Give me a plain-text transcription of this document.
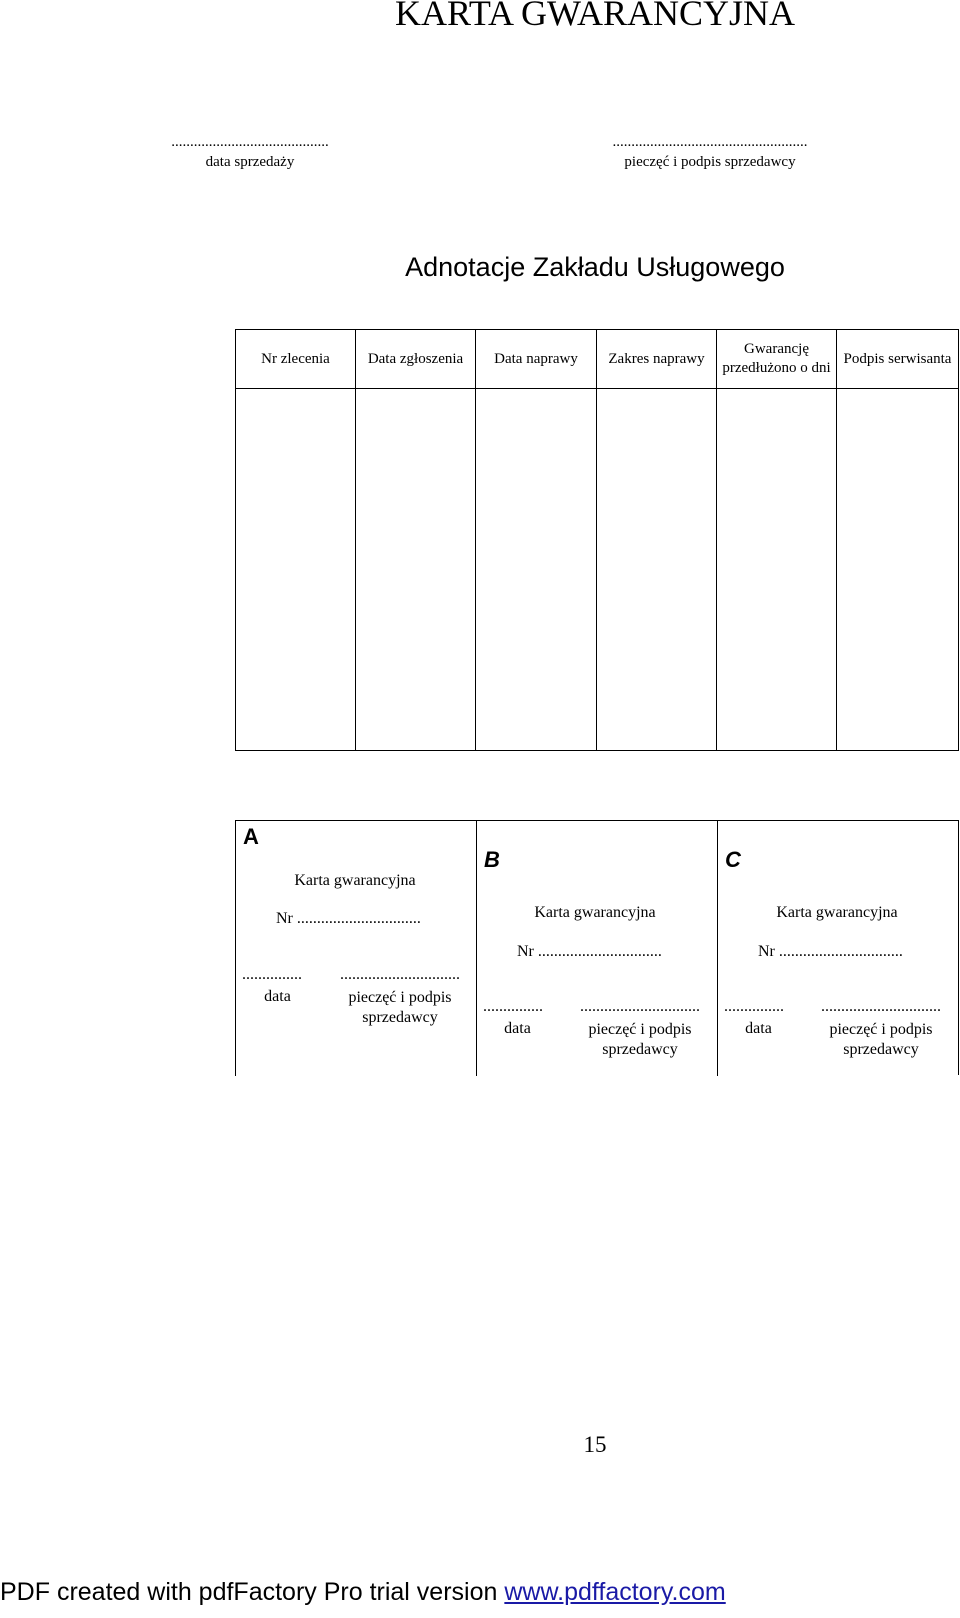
KARTA GWARANCYJNA
..........................................
data sprzedaży
....................................................
pieczęć i podpis sprzedawcy
Adnotacje Zakładu Usługowego
Nr zlecenia	Data zgłoszenia	Data naprawy	Zakres naprawy	Gwarancję przedłużono o dni	Podpis serwisanta

A
Karta gwarancyjna
Nr ...............................
...............
data
..............................
pieczęć i podpis sprzedawcy
B
Karta gwarancyjna
Nr ...............................
...............
data
..............................
pieczęć i podpis sprzedawcy
C
Karta gwarancyjna
Nr ...............................
...............
data
..............................
pieczęć i podpis sprzedawcy
15
PDF created with pdfFactory Pro trial version www.pdffactory.com
